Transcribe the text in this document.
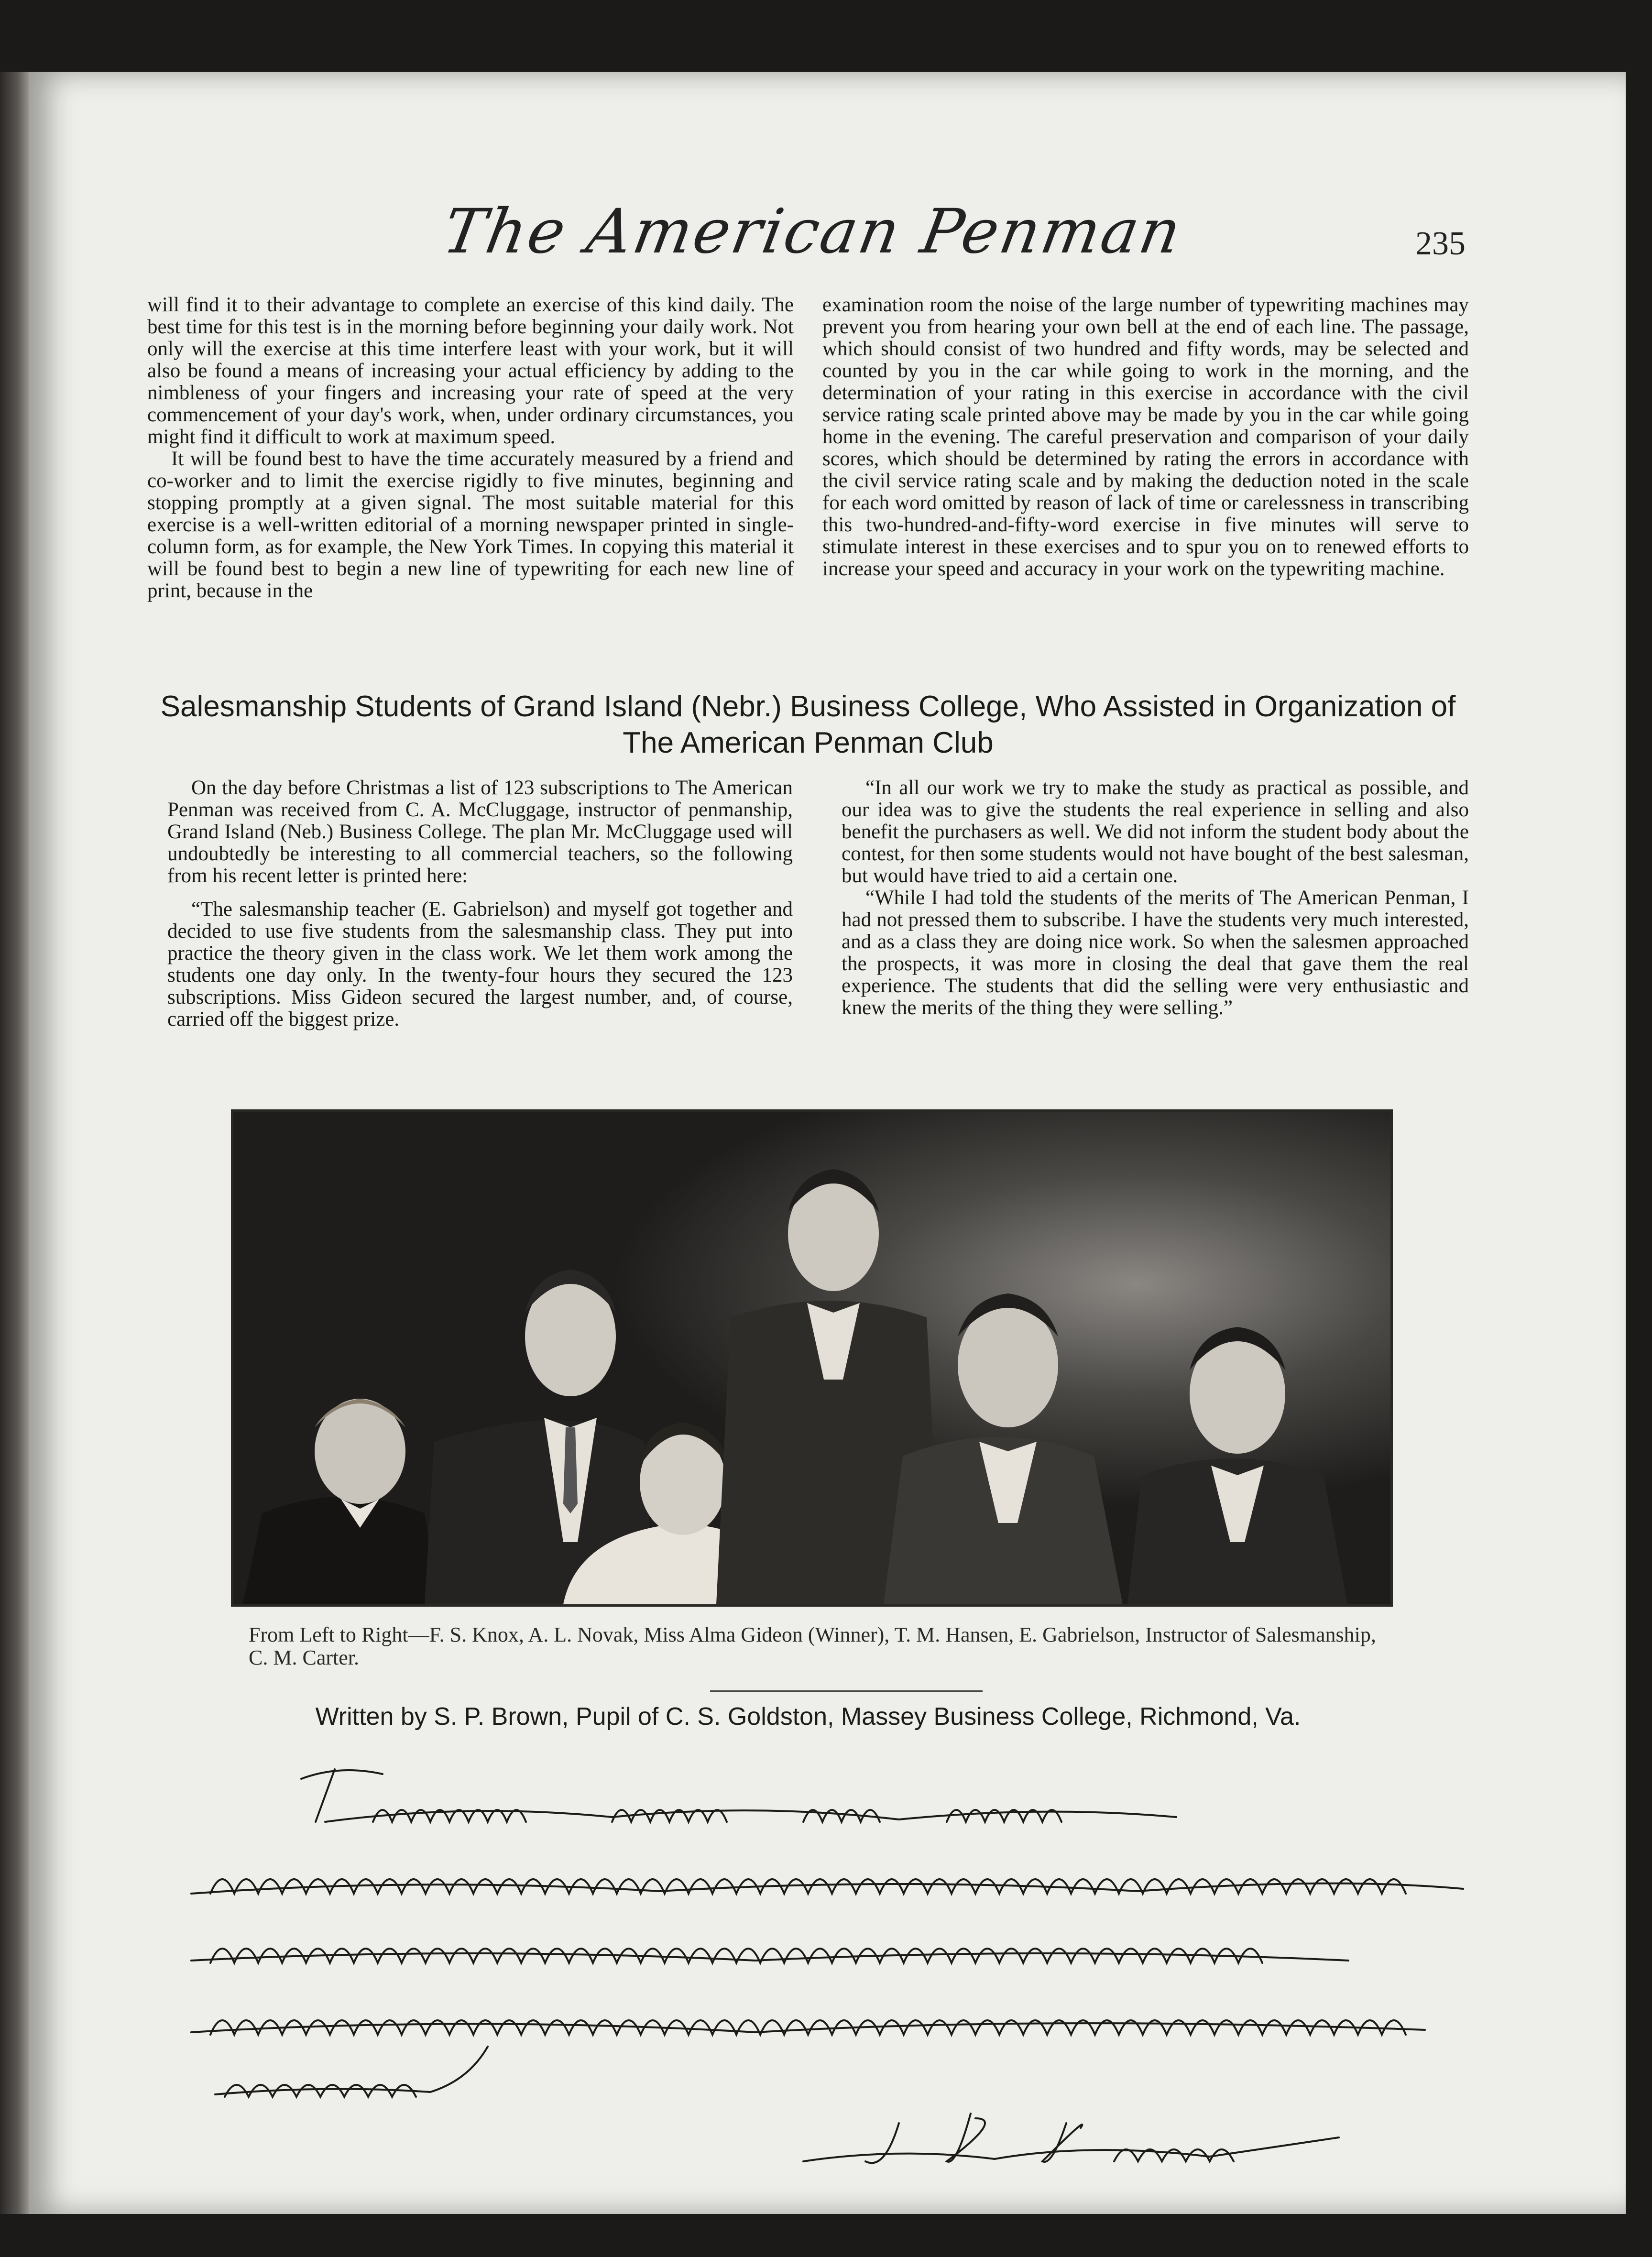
The American Penman	235

will find it to their advantage to complete an exercise of this kind daily. The best time for this test is in the morning before beginning your daily work. Not only will the exercise at this time interfere least with your work, but it will also be found a means of increasing your actual efficiency by adding to the nimbleness of your fingers and increasing your rate of speed at the very commencement of your day's work, when, under ordinary circumstances, you might find it difficult to work at maximum speed.

It will be found best to have the time accurately measured by a friend and co-worker and to limit the exercise rigidly to five minutes, beginning and stopping promptly at a given signal. The most suitable material for this exercise is a well-written editorial of a morning newspaper printed in single-column form, as for example, the New York Times. In copying this material it will be found best to begin a new line of typewriting for each new line of print, because in the

examination room the noise of the large number of typewriting machines may prevent you from hearing your own bell at the end of each line. The passage, which should consist of two hundred and fifty words, may be selected and counted by you in the car while going to work in the morning, and the determination of your rating in this exercise in accordance with the civil service rating scale printed above may be made by you in the car while going home in the evening. The careful preservation and comparison of your daily scores, which should be determined by rating the errors in accordance with the civil service rating scale and by making the deduction noted in the scale for each word omitted by reason of lack of time or carelessness in transcribing this two-hundred-and-fifty-word exercise in five minutes will serve to stimulate interest in these exercises and to spur you on to renewed efforts to increase your speed and accuracy in your work on the typewriting machine.

Salesmanship Students of Grand Island (Nebr.) Business College, Who Assisted in Organization of
The American Penman Club

On the day before Christmas a list of 123 subscriptions to The American Penman was received from C. A. McCluggage, instructor of penmanship, Grand Island (Neb.) Business College. The plan Mr. McCluggage used will undoubtedly be interesting to all commercial teachers, so the following from his recent letter is printed here:

“The salesmanship teacher (E. Gabrielson) and myself got together and decided to use five students from the salesmanship class. They put into practice the theory given in the class work. We let them work among the students one day only. In the twenty-four hours they secured the 123 subscriptions. Miss Gideon secured the largest number, and, of course, carried off the biggest prize.

“In all our work we try to make the study as practical as possible, and our idea was to give the students the real experience in selling and also benefit the purchasers as well. We did not inform the student body about the contest, for then some students would not have bought of the best salesman, but would have tried to aid a certain one.

“While I had told the students of the merits of The American Penman, I had not pressed them to subscribe. I have the students very much interested, and as a class they are doing nice work. So when the salesmen approached the prospects, it was more in closing the deal that gave them the real experience. The students that did the selling were very enthusiastic and knew the merits of the thing they were selling.”

From Left to Right—F. S. Knox, A. L. Novak, Miss Alma Gideon (Winner), T. M. Hansen, E. Gabrielson, Instructor of Salesmanship, C. M. Carter.
Written by S. P. Brown, Pupil of C. S. Goldston, Massey Business College, Richmond, Va.
